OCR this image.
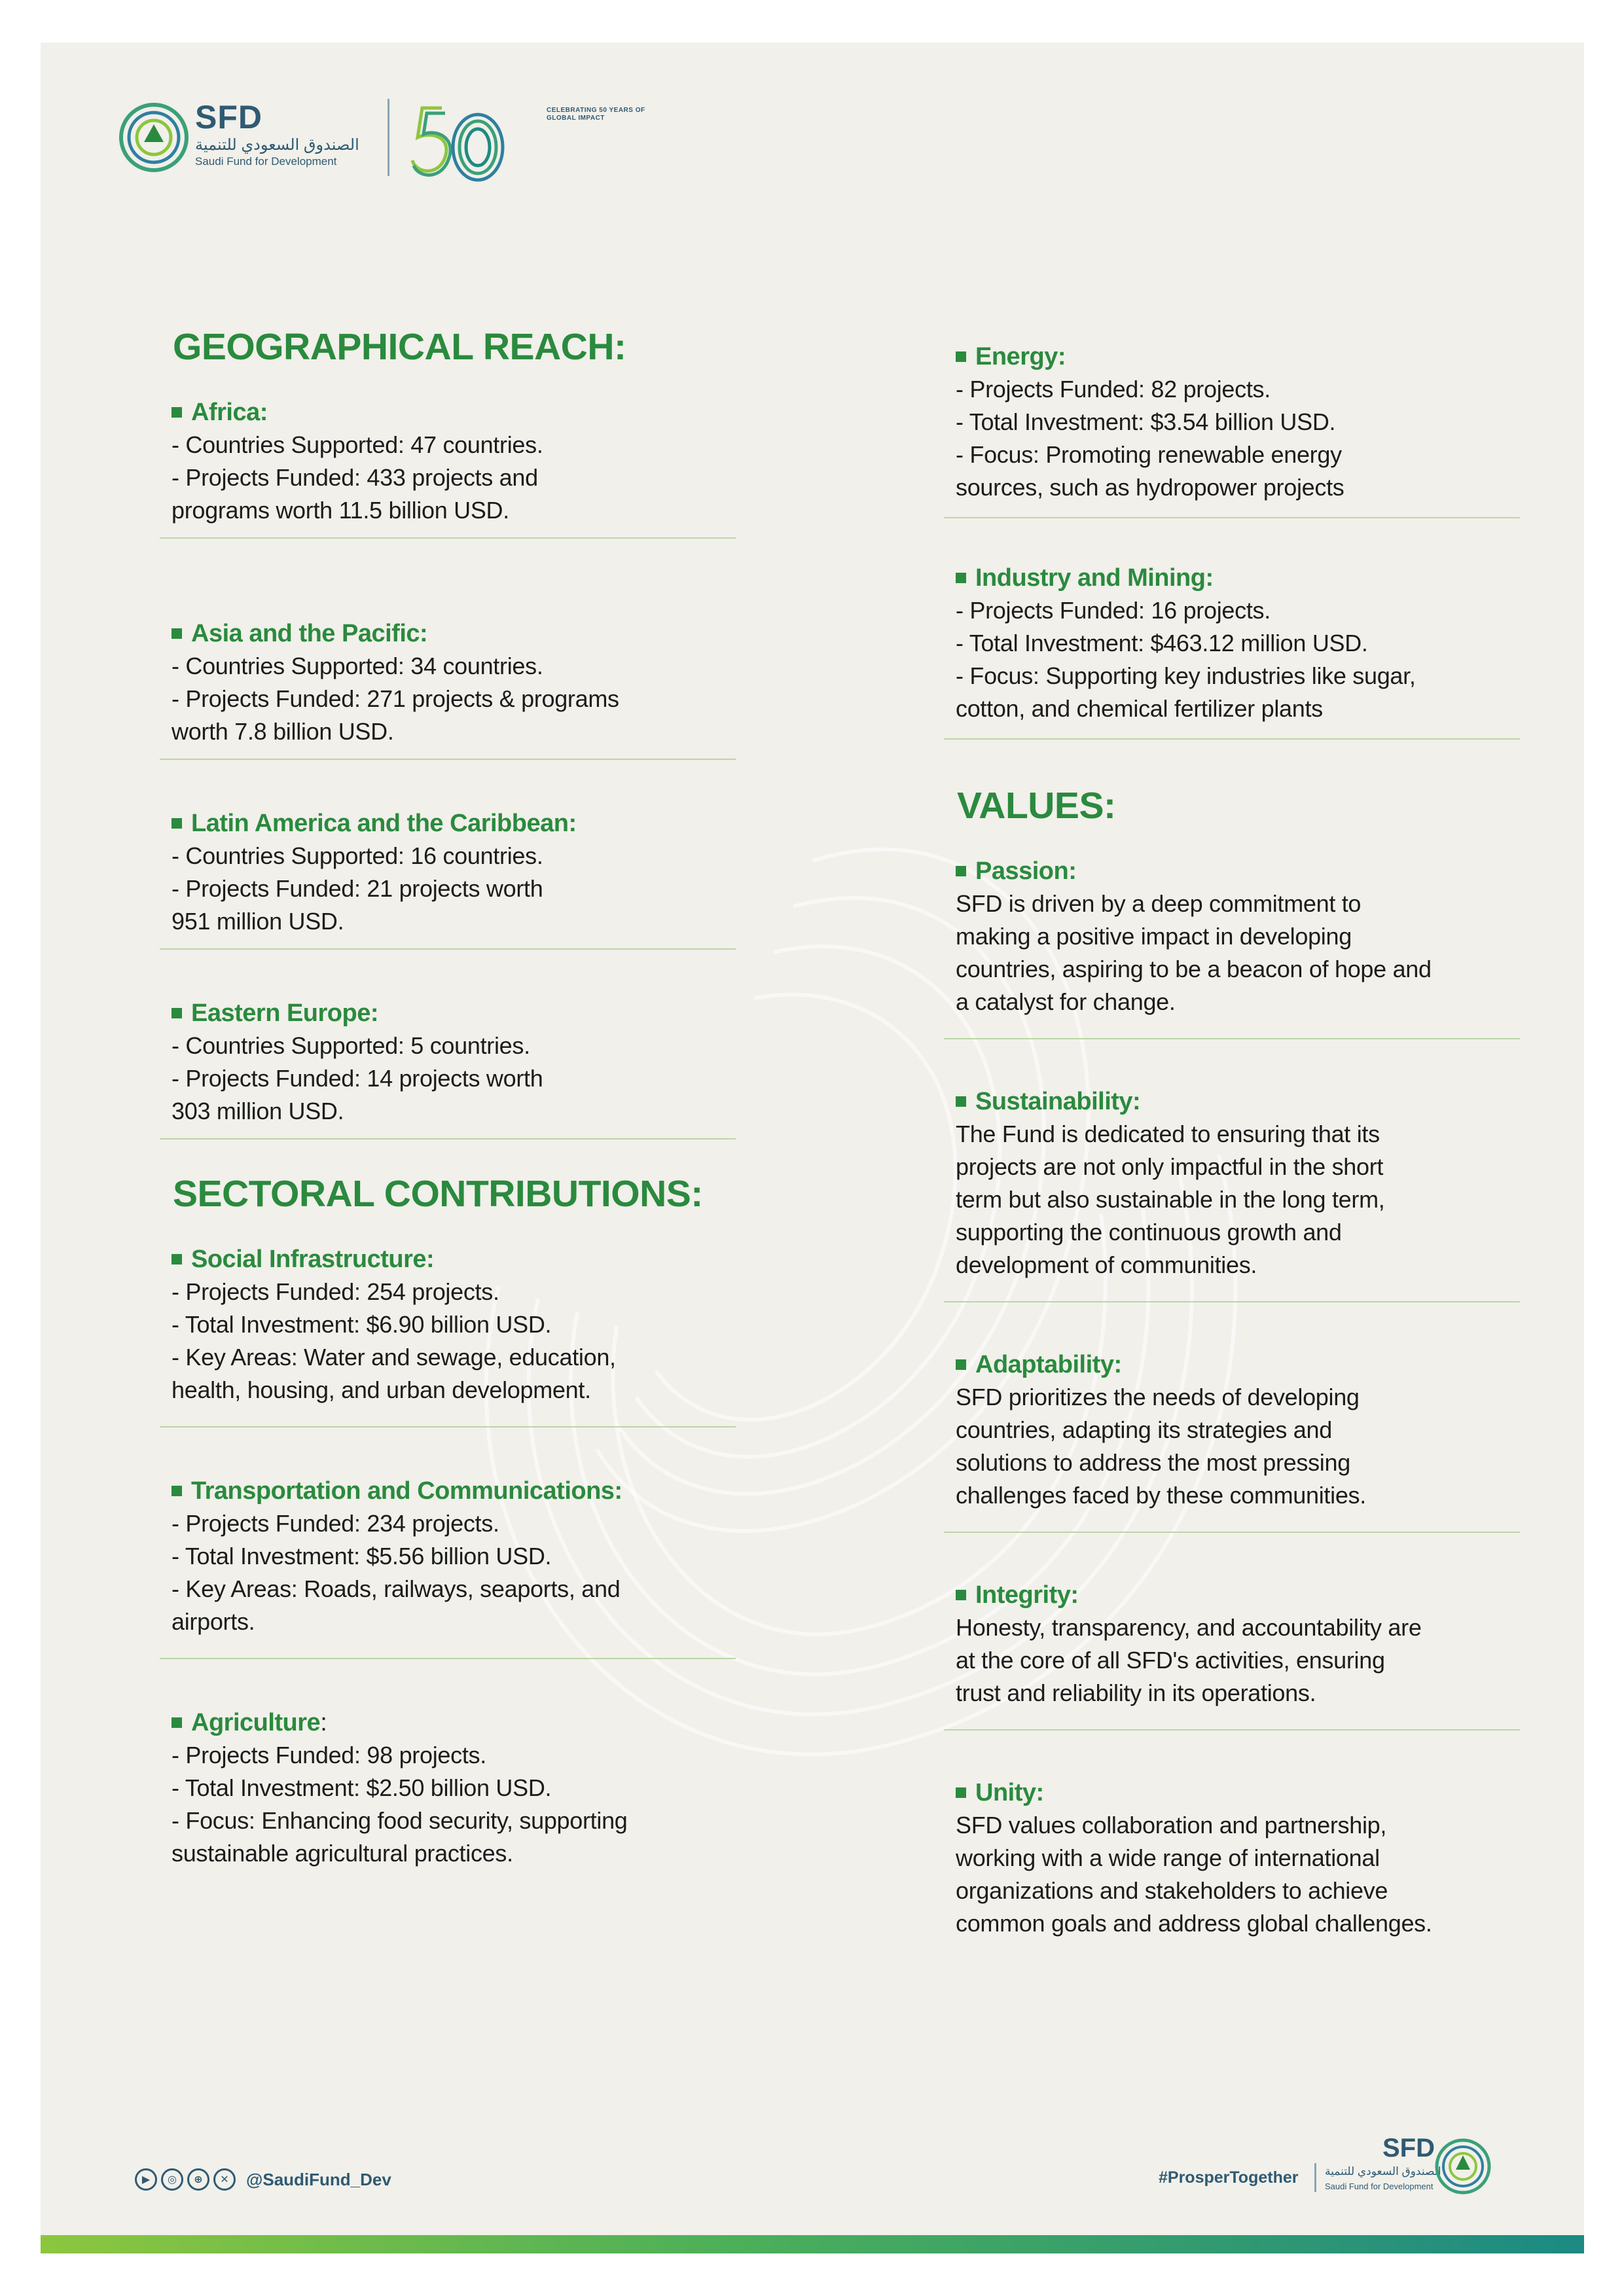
SFD
الصندوق السعودي للتنمية
Saudi Fund for Development
CELEBRATING 50 YEARS OF GLOBAL IMPACT
GEOGRAPHICAL REACH:
Africa:
- Countries Supported: 47 countries.
- Projects Funded: 433 projects and
programs worth 11.5 billion USD.
Asia and the Pacific:
- Countries Supported: 34 countries.
- Projects Funded: 271 projects & programs
worth 7.8 billion USD.
Latin America and the Caribbean:
- Countries Supported: 16 countries.
- Projects Funded: 21 projects worth
951 million USD.
Eastern Europe:
- Countries Supported: 5 countries.
- Projects Funded: 14 projects worth
303 million USD.
SECTORAL CONTRIBUTIONS:
Social Infrastructure:
- Projects Funded: 254 projects.
- Total Investment: $6.90 billion USD.
- Key Areas: Water and sewage, education,
health, housing, and urban development.
Transportation and Communications:
- Projects Funded: 234 projects.
- Total Investment: $5.56 billion USD.
- Key Areas: Roads, railways, seaports, and
airports.
Agriculture :
- Projects Funded: 98 projects.
- Total Investment: $2.50 billion USD.
- Focus: Enhancing food security, supporting
sustainable agricultural practices.
Energy:
- Projects Funded: 82 projects.
- Total Investment: $3.54 billion USD.
- Focus: Promoting renewable energy
sources, such as hydropower projects
Industry and Mining:
- Projects Funded: 16 projects.
- Total Investment: $463.12 million USD.
- Focus: Supporting key industries like sugar,
cotton, and chemical fertilizer plants
VALUES:
Passion:
SFD is driven by a deep commitment to
making a positive impact in developing
countries, aspiring to be a beacon of hope and
a catalyst for change.
Sustainability:
The Fund is dedicated to ensuring that its
projects are not only impactful in the short
term but also sustainable in the long term,
supporting the continuous growth and
development of communities.
Adaptability:
SFD prioritizes the needs of developing
countries, adapting its strategies and
solutions to address the most pressing
challenges faced by these communities.
Integrity:
Honesty, transparency, and accountability are
at the core of all SFD's activities, ensuring
trust and reliability in its operations.
Unity:
SFD values collaboration and partnership,
working with a wide range of international
organizations and stakeholders to achieve
common goals and address global challenges.
▶	◎	⊕	✕	@SaudiFund_Dev	#ProsperTogether
SFD
الصندوق السعودي للتنمية
Saudi Fund for Development
